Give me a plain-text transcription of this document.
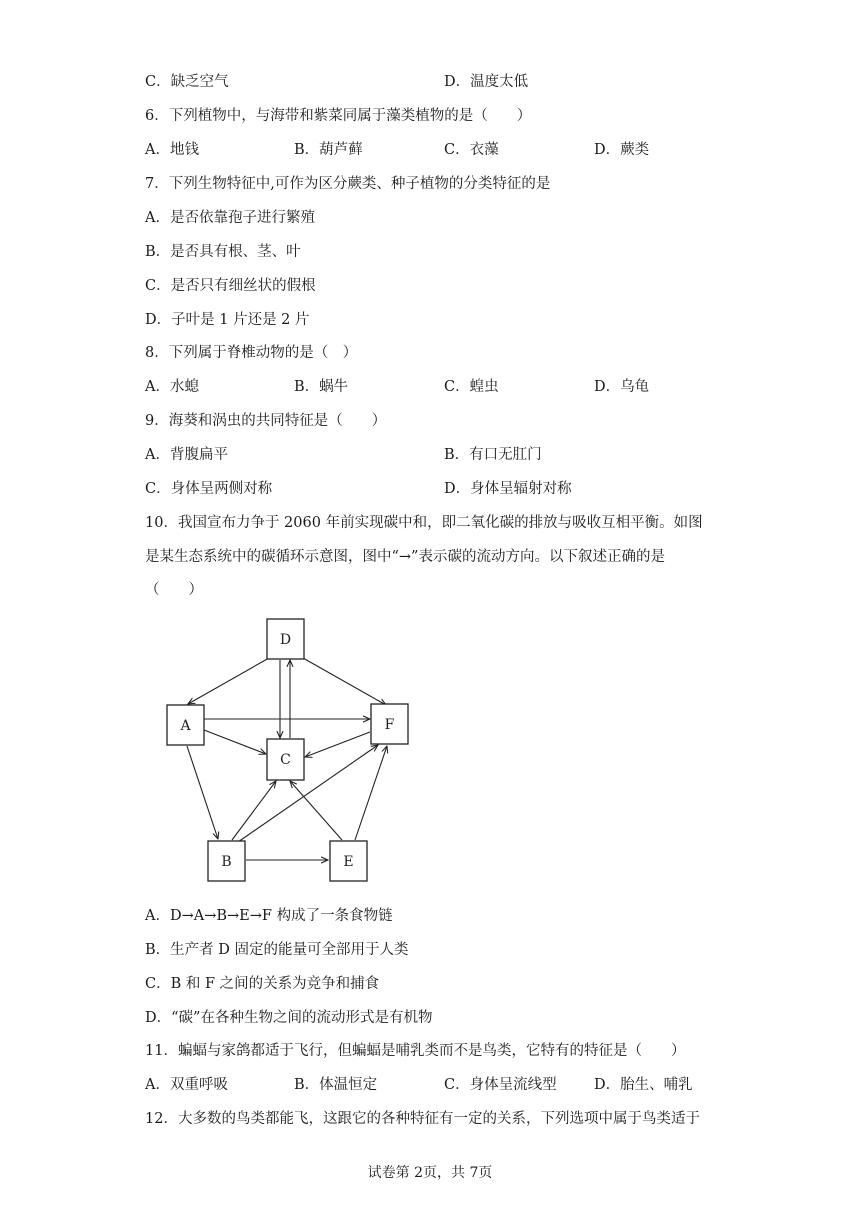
C．缺乏空气	D．温度太低
6．下列植物中，与海带和紫菜同属于藻类植物的是（　　）
A．地钱	B．葫芦藓	C．衣藻	D．蕨类
7．下列生物特征中,可作为区分蕨类、种子植物的分类特征的是
A．是否依靠孢子进行繁殖
B．是否具有根、茎、叶
C．是否只有细丝状的假根
D．子叶是 1 片还是 2 片
8．下列属于脊椎动物的是（　）
A．水螅	B．蜗牛	C．蝗虫	D．乌龟
9．海葵和涡虫的共同特征是（　　）
A．背腹扁平	B．有口无肛门
C．身体呈两侧对称	D．身体呈辐射对称
10．我国宣布力争于 2060 年前实现碳中和，即二氧化碳的排放与吸收互相平衡。如图
是某生态系统中的碳循环示意图，图中“→”表示碳的流动方向。以下叙述正确的是
（　　）
D
A	F
C
B	E
A．D→A→B→E→F 构成了一条食物链
B．生产者 D 固定的能量可全部用于人类
C．B 和 F 之间的关系为竞争和捕食
D．“碳”在各种生物之间的流动形式是有机物
11．蝙蝠与家鸽都适于飞行，但蝙蝠是哺乳类而不是鸟类，它特有的特征是（　　）
A．双重呼吸	B．体温恒定	C．身体呈流线型	D．胎生、哺乳
12．大多数的鸟类都能飞，这跟它的各种特征有一定的关系，下列选项中属于鸟类适于
试卷第 2页，共 7页
